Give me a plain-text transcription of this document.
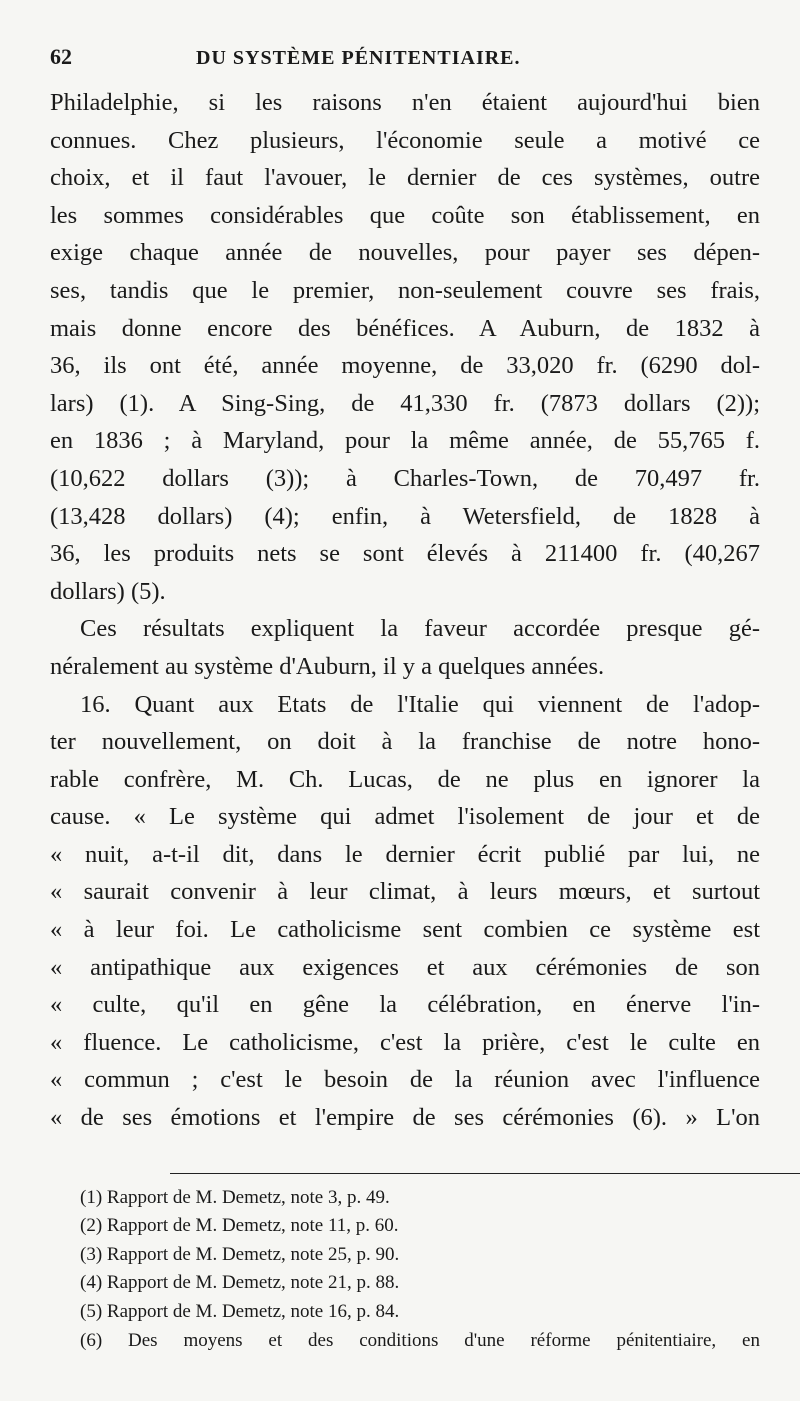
62	DU SYSTÈME PÉNITENTIAIRE.
Philadelphie, si les raisons n'en étaient aujourd'hui bien
connues. Chez plusieurs, l'économie seule a motivé ce
choix, et il faut l'avouer, le dernier de ces systèmes, outre
les sommes considérables que coûte son établissement, en
exige chaque année de nouvelles, pour payer ses dépen-
ses, tandis que le premier, non-seulement couvre ses frais,
mais donne encore des bénéfices. A Auburn, de 1832 à
36, ils ont été, année moyenne, de 33,020 fr. (6290 dol-
lars) (1). A Sing-Sing, de 41,330 fr. (7873 dollars (2));
en 1836 ; à Maryland, pour la même année, de 55,765 f.
(10,622 dollars (3)); à Charles-Town, de 70,497 fr.
(13,428 dollars) (4); enfin, à Wetersfield, de 1828 à
36, les produits nets se sont élevés à 211400 fr. (40,267
dollars) (5).
Ces résultats expliquent la faveur accordée presque gé-
néralement au système d'Auburn, il y a quelques années.
16. Quant aux Etats de l'Italie qui viennent de l'adop-
ter nouvellement, on doit à la franchise de notre hono-
rable confrère, M. Ch. Lucas, de ne plus en ignorer la
cause. « Le système qui admet l'isolement de jour et de
« nuit, a-t-il dit, dans le dernier écrit publié par lui, ne
« saurait convenir à leur climat, à leurs mœurs, et surtout
« à leur foi. Le catholicisme sent combien ce système est
« antipathique aux exigences et aux cérémonies de son
« culte, qu'il en gêne la célébration, en énerve l'in-
« fluence. Le catholicisme, c'est la prière, c'est le culte en
« commun ; c'est le besoin de la réunion avec l'influence
« de ses émotions et l'empire de ses cérémonies (6). » L'on
(1) Rapport de M. Demetz, note 3, p. 49.
(2) Rapport de M. Demetz, note 11, p. 60.
(3) Rapport de M. Demetz, note 25, p. 90.
(4) Rapport de M. Demetz, note 21, p. 88.
(5) Rapport de M. Demetz, note 16, p. 84.
(6) Des moyens et des conditions d'une réforme pénitentiaire, en
